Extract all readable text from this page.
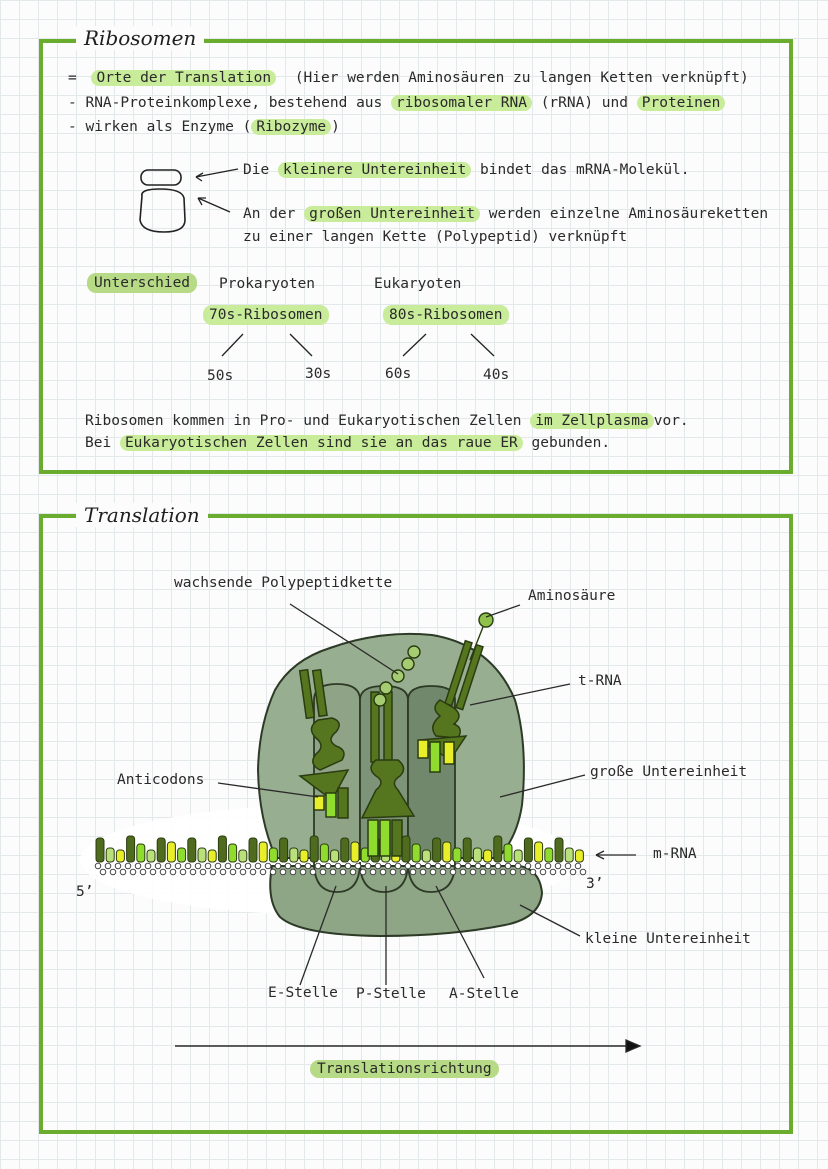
Ribosomen
= Orte der Translation (Hier werden Aminosäuren zu langen Ketten verknüpft)
- RNA-Proteinkomplexe, bestehend aus ribosomaler RNA (rRNA) und Proteinen
- wirken als Enzyme ( Ribozyme )
Die kleinere Untereinheit bindet das mRNA-Molekül.
An der großen Untereinheit werden einzelne Aminosäureketten
zu einer langen Kette (Polypeptid) verknüpft
Unterschied	Prokaryoten
70s-Ribosomen
Eukaryoten
80s-Ribosomen
50s	30s	60s	40s
Ribosomen kommen in Pro- und Eukaryotischen Zellen im Zellplasma vor.
Bei Eukaryotischen Zellen sind sie an das raue ER gebunden.
Translation
wachsende Polypeptidkette
Aminosäure
t-RNA
große Untereinheit
Anticodons
m-RNA
5’	3’
kleine Untereinheit
E-Stelle P-Stelle A-Stelle
Translationsrichtung
